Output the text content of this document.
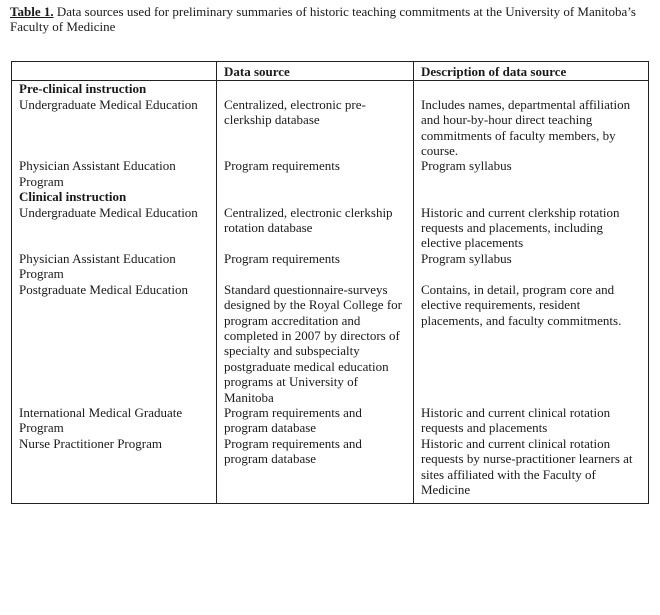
Table 1. Data sources used for preliminary summaries of historic teaching commitments at the University of Manitoba’s Faculty of Medicine
	Data source	Description of data source
Pre-clinical instruction		
Undergraduate Medical Education	Centralized, electronic pre-clerkship database	Includes names, departmental affiliation and hour-by-hour direct teaching commitments of faculty members, by course.
Physician Assistant Education Program	Program requirements	Program syllabus
Clinical instruction		
Undergraduate Medical Education	Centralized, electronic clerkship rotation database	Historic and current clerkship rotation requests and placements, including elective placements
Physician Assistant Education Program	Program requirements	Program syllabus
Postgraduate Medical Education	Standard questionnaire-surveys designed by the Royal College for program accreditation and completed in 2007 by directors of specialty and subspecialty postgraduate medical education programs at University of Manitoba	Contains, in detail, program core and elective requirements, resident placements, and faculty commitments.
International Medical Graduate Program	Program requirements and program database	Historic and current clinical rotation requests and placements
Nurse Practitioner Program	Program requirements and program database	Historic and current clinical rotation requests by nurse-practitioner learners at sites affiliated with the Faculty of Medicine
